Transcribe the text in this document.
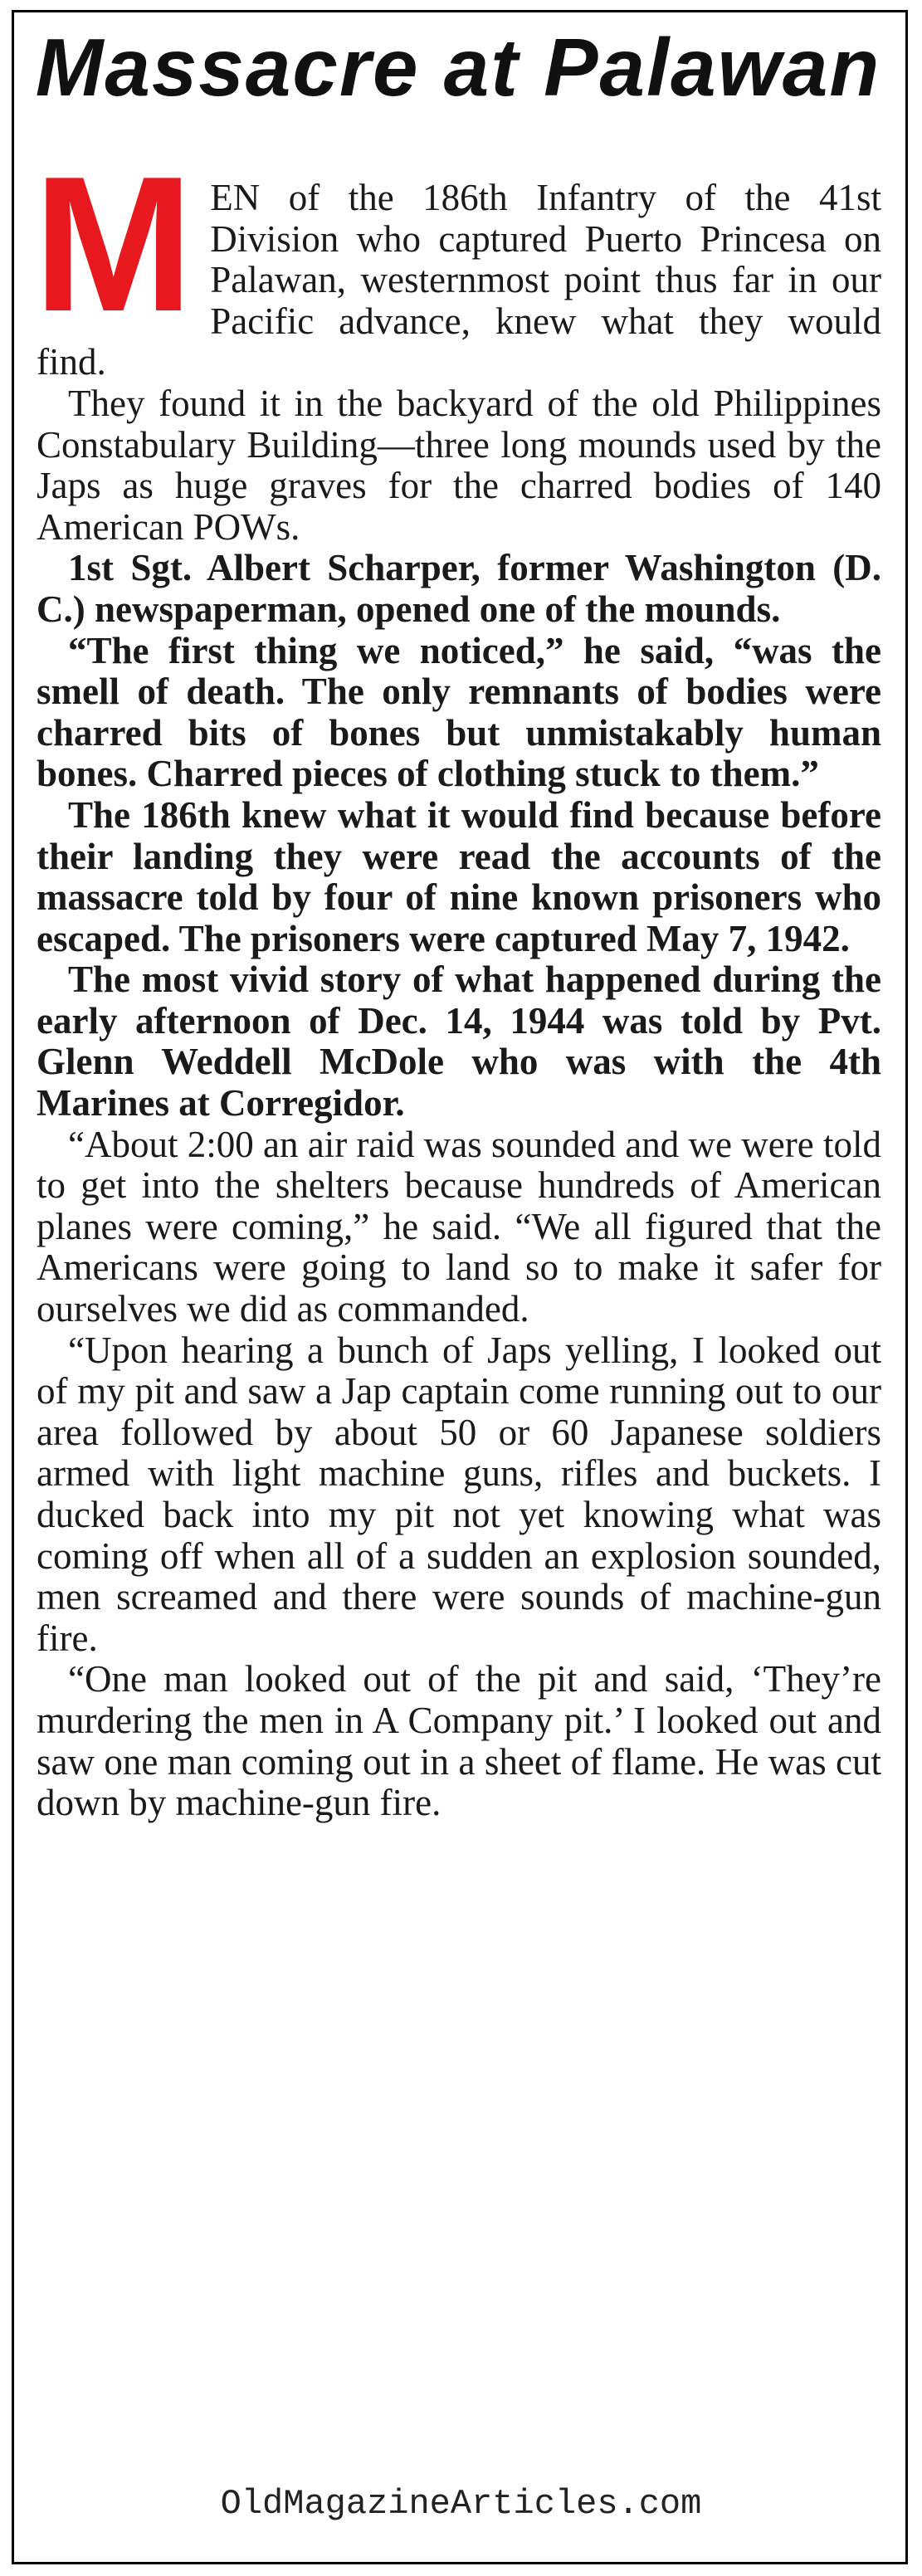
Massacre at Palawan

MEN of the 186th Infantry of the 41st Division who captured Puerto Princesa on Palawan, westernmost point thus far in our Pacific advance, knew what they would find.

They found it in the backyard of the old Philippines Constabulary Building—three long mounds used by the Japs as huge graves for the charred bodies of 140 American POWs.

1st Sgt. Albert Scharper, former Washington (D. C.) newspaperman, opened one of the mounds.

“The first thing we noticed,” he said, “was the smell of death. The only remnants of bodies were charred bits of bones but unmistakably human bones. Charred pieces of clothing stuck to them.”

The 186th knew what it would find because before their landing they were read the accounts of the massacre told by four of nine known prisoners who escaped. The prisoners were captured May 7, 1942.

The most vivid story of what happened during the early afternoon of Dec. 14, 1944 was told by Pvt. Glenn Weddell McDole who was with the 4th Marines at Corregidor.

“About 2:00 an air raid was sounded and we were told to get into the shelters because hundreds of American planes were coming,” he said. “We all figured that the Americans were going to land so to make it safer for ourselves we did as commanded.

“Upon hearing a bunch of Japs yelling, I looked out of my pit and saw a Jap captain come running out to our area followed by about 50 or 60 Japanese soldiers armed with light machine guns, rifles and buckets. I ducked back into my pit not yet knowing what was coming off when all of a sudden an explosion sounded, men screamed and there were sounds of machine-gun fire.

“One man looked out of the pit and said, ‘They’re murdering the men in A Company pit.’ I looked out and saw one man coming out in a sheet of flame. He was cut down by machine-gun fire.

OldMagazineArticles.com
